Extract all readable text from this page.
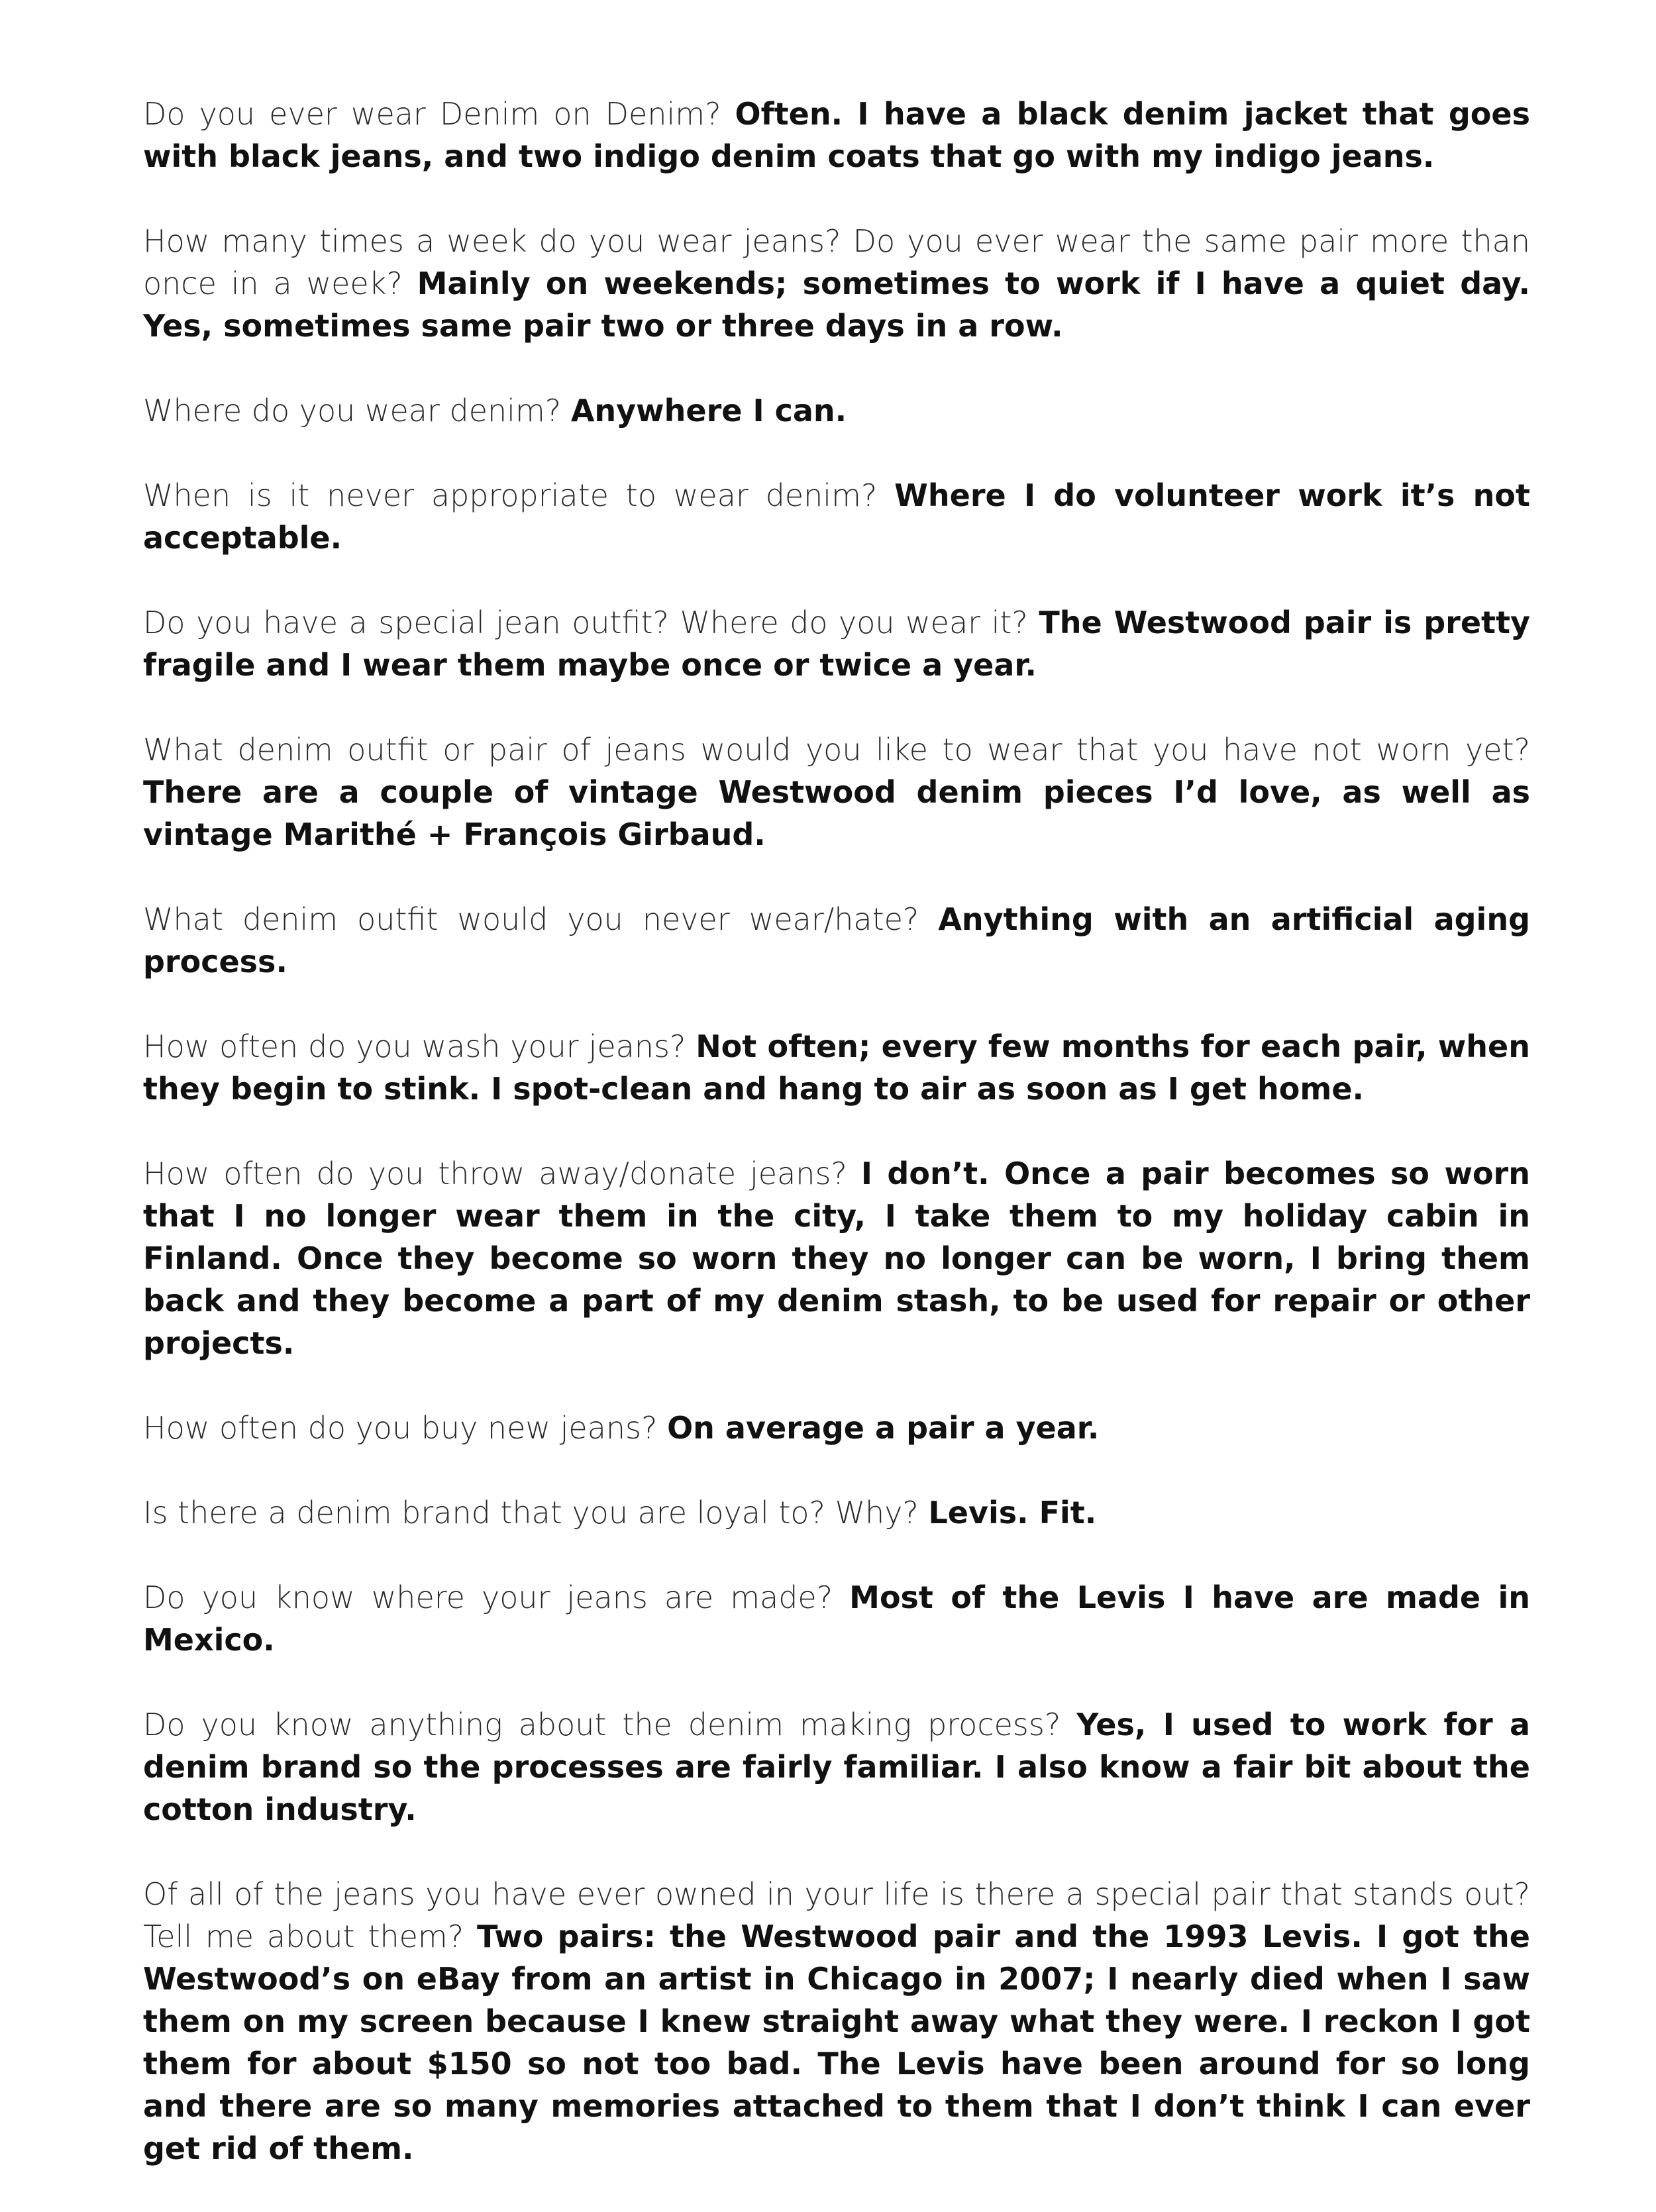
Do you ever wear Denim on Denim? Often. I have a black denim jacket that goes with black jeans, and two indigo denim coats that go with my indigo jeans.

How many times a week do you wear jeans? Do you ever wear the same pair more than once in a week? Mainly on weekends; sometimes to work if I have a quiet day. Yes, sometimes same pair two or three days in a row.

Where do you wear denim? Anywhere I can.

When is it never appropriate to wear denim? Where I do volunteer work it’s not acceptable.

Do you have a special jean outfit? Where do you wear it? The Westwood pair is pretty fragile and I wear them maybe once or twice a year.

What denim outfit or pair of jeans would you like to wear that you have not worn yet? There are a couple of vintage Westwood denim pieces I’d love, as well as vintage Marithé + François Girbaud.

What denim outfit would you never wear/hate? Anything with an artificial aging process.

How often do you wash your jeans? Not often; every few months for each pair, when they begin to stink. I spot-clean and hang to air as soon as I get home.

How often do you throw away/donate jeans? I don’t. Once a pair becomes so worn that I no longer wear them in the city, I take them to my holiday cabin in Finland. Once they become so worn they no longer can be worn, I bring them back and they become a part of my denim stash, to be used for repair or other projects.

How often do you buy new jeans? On average a pair a year.

Is there a denim brand that you are loyal to? Why? Levis. Fit.

Do you know where your jeans are made? Most of the Levis I have are made in Mexico.

Do you know anything about the denim making process? Yes, I used to work for a denim brand so the processes are fairly familiar. I also know a fair bit about the cotton industry.

Of all of the jeans you have ever owned in your life is there a special pair that stands out? Tell me about them? Two pairs: the Westwood pair and the 1993 Levis. I got the Westwood’s on eBay from an artist in Chicago in 2007; I nearly died when I saw them on my screen because I knew straight away what they were. I reckon I got them for about $150 so not too bad. The Levis have been around for so long and there are so many memories attached to them that I don’t think I can ever get rid of them.
